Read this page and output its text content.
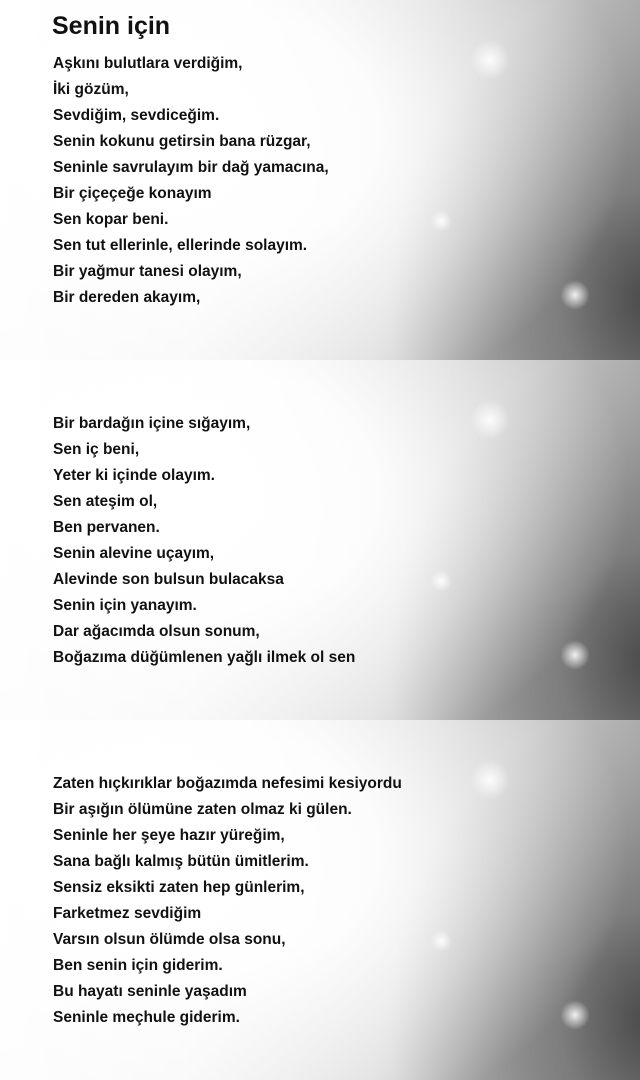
Senin için
Aşkını bulutlara verdiğim,
İki gözüm,
Sevdiğim, sevdiceğim.
Senin kokunu getirsin bana rüzgar,
Seninle savrulayım bir dağ yamacına,
Bir çiçeçeğe konayım
Sen kopar beni.
Sen tut ellerinle, ellerinde solayım.
Bir yağmur tanesi olayım,
Bir dereden akayım,
Bir bardağın içine sığayım,
Sen iç beni,
Yeter ki içinde olayım.
Sen ateşim ol,
Ben pervanen.
Senin alevine uçayım,
Alevinde son bulsun bulacaksa
Senin için yanayım.
Dar ağacımda olsun sonum,
Boğazıma düğümlenen yağlı ilmek ol sen
Zaten hıçkırıklar boğazımda nefesimi kesiyordu
Bir aşığın ölümüne zaten olmaz ki gülen.
Seninle her şeye hazır yüreğim,
Sana bağlı kalmış bütün ümitlerim.
Sensiz eksikti zaten hep günlerim,
Farketmez sevdiğim
Varsın olsun ölümde olsa sonu,
Ben senin için giderim.
Bu hayatı seninle yaşadım
Seninle meçhule giderim.
